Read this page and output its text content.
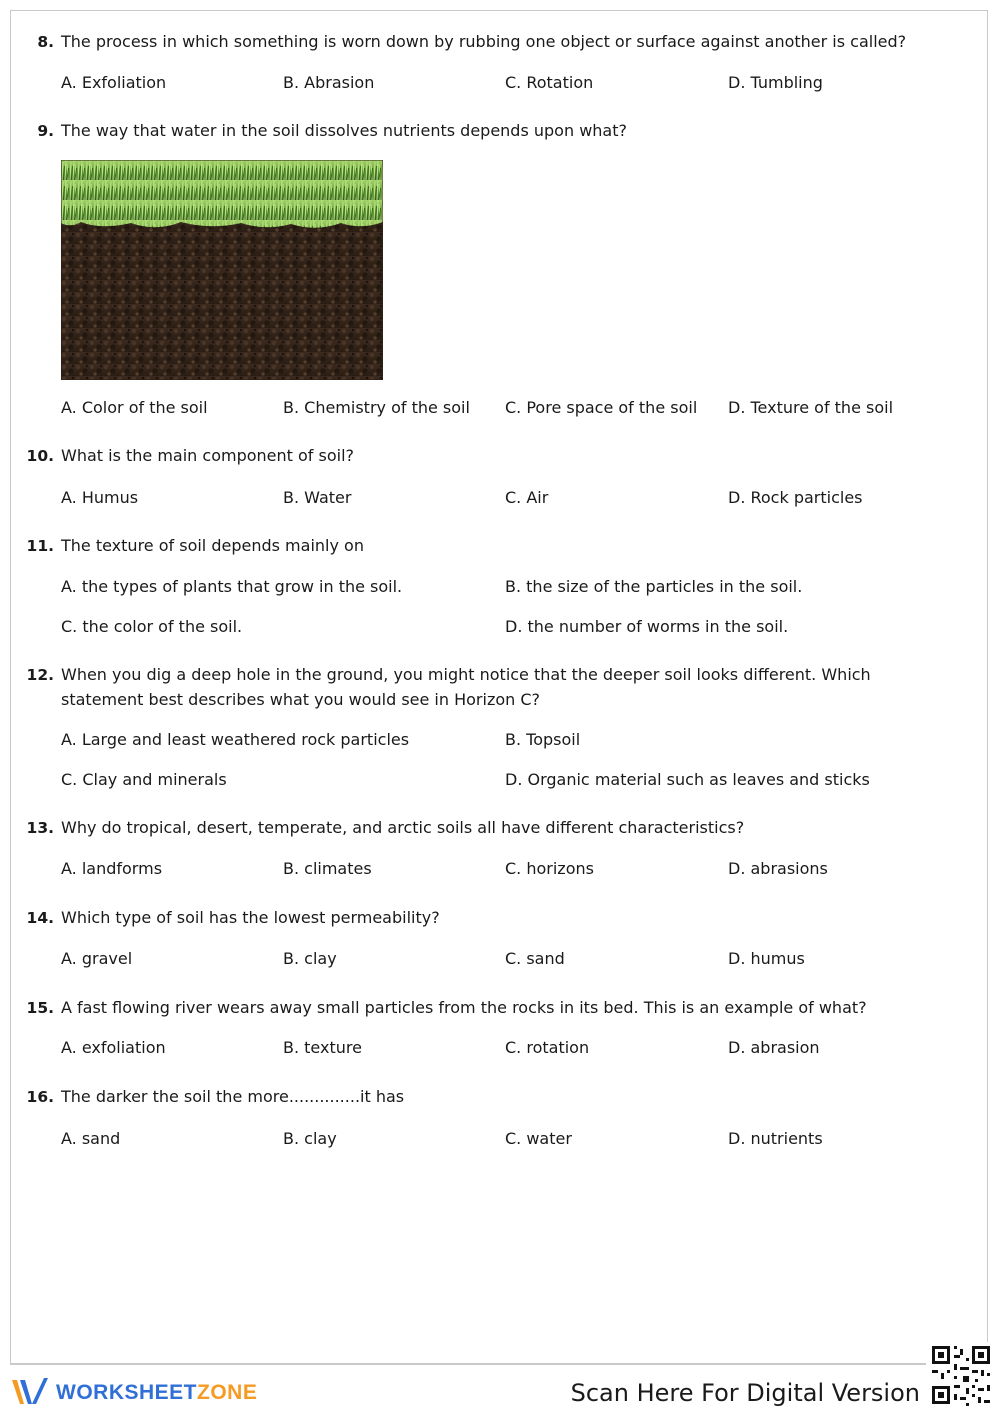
8. The process in which something is worn down by rubbing one object or surface against another is called?
A. Exfoliation	B. Abrasion	C. Rotation	D. Tumbling
9. The way that water in the soil dissolves nutrients depends upon what?
A. Color of the soil	B. Chemistry of the soil C. Pore space of the soil D. Texture of the soil
10. What is the main component of soil?
A. Humus	B. Water	C. Air	D. Rock particles
11. The texture of soil depends mainly on
A. the types of plants that grow in the soil.	B. the size of the particles in the soil.
C. the color of the soil.	D. the number of worms in the soil.
12. When you dig a deep hole in the ground, you might notice that the deeper soil looks different. Which statement best describes what you would see in Horizon C?
A. Large and least weathered rock particles	B. Topsoil
C. Clay and minerals	D. Organic material such as leaves and sticks
13. Why do tropical, desert, temperate, and arctic soils all have different characteristics?
A. landforms	B. climates	C. horizons	D. abrasions
14. Which type of soil has the lowest permeability?
A. gravel	B. clay	C. sand	D. humus
15. A fast flowing river wears away small particles from the rocks in its bed. This is an example of what?
A. exfoliation	B. texture	C. rotation	D. abrasion
16. The darker the soil the more..............it has
A. sand	B. clay	C. water	D. nutrients
WORKSHEETZONE	Scan Here For Digital Version
